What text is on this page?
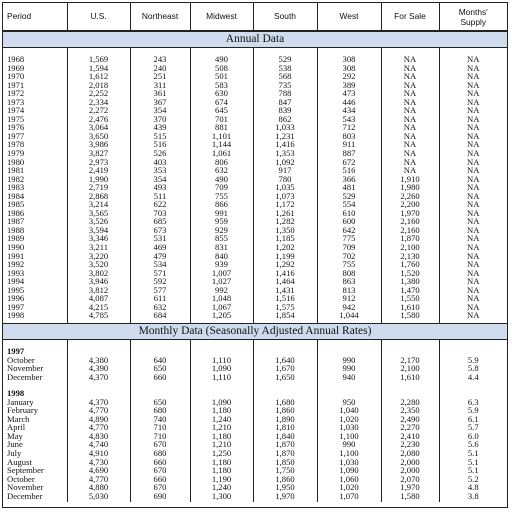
Period	U.S.	Northeast	Midwest	South	West	For Sale	Months'
Supply
Annual Data

1968	1,569	243	490	529	308	NA	NA
1969	1,594	240	508	538	308	NA	NA
1970	1,612	251	501	568	292	NA	NA
1971	2,018	311	583	735	389	NA	NA
1972	2,252	361	630	788	473	NA	NA
1973	2,334	367	674	847	446	NA	NA
1974	2,272	354	645	839	434	NA	NA
1975	2,476	370	701	862	543	NA	NA
1976	3,064	439	881	1,033	712	NA	NA
1977	3,650	515	1,101	1,231	803	NA	NA
1978	3,986	516	1,144	1,416	911	NA	NA
1979	3,827	526	1,061	1,353	887	NA	NA
1980	2,973	403	806	1,092	672	NA	NA
1981	2,419	353	632	917	516	NA	NA
1982	1,990	354	490	780	366	1,910	NA
1983	2,719	493	709	1,035	481	1,980	NA
1984	2,868	511	755	1,073	529	2,260	NA
1985	3,214	622	866	1,172	554	2,200	NA
1986	3,565	703	991	1,261	610	1,970	NA
1987	3,526	685	959	1,282	600	2,160	NA
1988	3,594	673	929	1,350	642	2,160	NA
1989	3,346	531	855	1,185	775	1,870	NA
1990	3,211	469	831	1,202	709	2,100	NA
1991	3,220	479	840	1,199	702	2,130	NA
1992	3,520	534	939	1,292	755	1,760	NA
1993	3,802	571	1,007	1,416	808	1,520	NA
1994	3,946	592	1,027	1,464	863	1,380	NA
1995	3,812	577	992	1,431	813	1,470	NA
1996	4,087	611	1,048	1,516	912	1,550	NA
1997	4,215	632	1,067	1,575	942	1,610	NA
1998	4,785	684	1,205	1,854	1,044	1,580	NA

Monthly Data (Seasonally Adjusted Annual Rates)

1997							
October	4,380	640	1,110	1,640	990	2,170	5.9
November	4,390	650	1,090	1,670	990	2,100	5.8
December	4,370	660	1,110	1,650	940	1,610	4.4

1998							
January	4,370	650	1,090	1,680	950	2,280	6.3
February	4,770	680	1,180	1,860	1,040	2,350	5.9
March	4,890	740	1,240	1,890	1,020	2,490	6.1
April	4,770	710	1,210	1,810	1,030	2,270	5.7
May	4,830	710	1,180	1,840	1,100	2,410	6.0
June	4,740	670	1,210	1,870	990	2,230	5.6
July	4,910	680	1,250	1,870	1,100	2,080	5.1
August	4,730	660	1,180	1,850	1,030	2,000	5.1
September	4,690	670	1,180	1,750	1,090	2,000	5.1
October	4,770	660	1,190	1,860	1,060	2,070	5.2
November	4,880	670	1,240	1,950	1,020	1,970	4.8
December	5,030	690	1,300	1,970	1,070	1,580	3.8
